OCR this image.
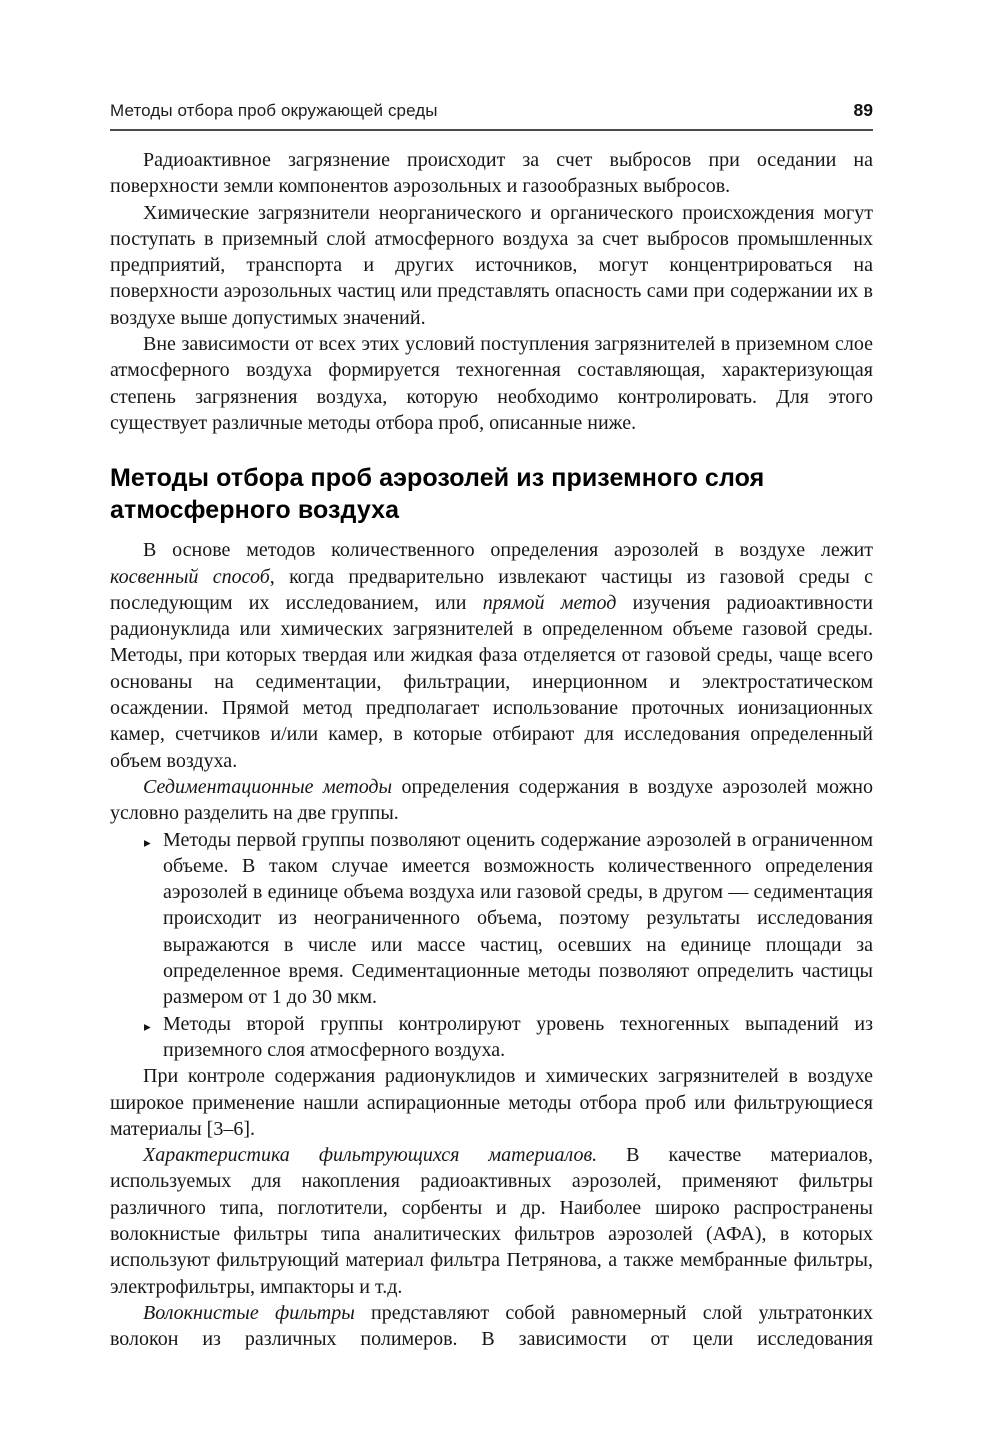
Методы отбора проб окружающей среды	89

Радиоактивное загрязнение происходит за счет выбросов при оседании на поверхности земли компонентов аэрозольных и газообразных выбросов.

Химические загрязнители неорганического и органического происхождения могут поступать в приземный слой атмосферного воздуха за счет выбросов промышленных предприятий, транспорта и других источников, могут концентрироваться на поверхности аэрозольных частиц или представлять опасность сами при содержании их в воздухе выше допустимых значений.

Вне зависимости от всех этих условий поступления загрязнителей в приземном слое атмосферного воздуха формируется техногенная составляющая, характеризующая степень загрязнения воздуха, которую необходимо контролировать. Для этого существует различные методы отбора проб, описанные ниже.

Методы отбора проб аэрозолей из приземного слоя атмосферного воздуха

В основе методов количественного определения аэрозолей в воздухе лежит косвенный способ, когда предварительно извлекают частицы из газовой среды с последующим их исследованием, или прямой метод изучения радиоактивности радионуклида или химических загрязнителей в определенном объеме газовой среды. Методы, при которых твердая или жидкая фаза отделяется от газовой среды, чаще всего основаны на седиментации, фильтрации, инерционном и электростатическом осаждении. Прямой метод предполагает использование проточных ионизационных камер, счетчиков и/или камер, в которые отбирают для исследования определенный объем воздуха.

Седиментационные методы определения содержания в воздухе аэрозолей можно условно разделить на две группы.

▸ Методы первой группы позволяют оценить содержание аэрозолей в ограниченном объеме. В таком случае имеется возможность количественного определения аэрозолей в единице объема воздуха или газовой среды, в другом — седиментация происходит из неограниченного объема, поэтому результаты исследования выражаются в числе или массе частиц, осевших на единице площади за определенное время. Седиментационные методы позволяют определить частицы размером от 1 до 30 мкм.
▸ Методы второй группы контролируют уровень техногенных выпадений из приземного слоя атмосферного воздуха.

При контроле содержания радионуклидов и химических загрязнителей в воздухе широкое применение нашли аспирационные методы отбора проб или фильтрующиеся материалы [3–6].

Характеристика фильтрующихся материалов. В качестве материалов, используемых для накопления радиоактивных аэрозолей, применяют фильтры различного типа, поглотители, сорбенты и др. Наиболее широко распространены волокнистые фильтры типа аналитических фильтров аэрозолей (АФА), в которых используют фильтрующий материал фильтра Петрянова, а также мембранные фильтры, электрофильтры, импакторы и т.д.

Волокнистые фильтры представляют собой равномерный слой ультратонких волокон из различных полимеров. В зависимости от цели исследования
